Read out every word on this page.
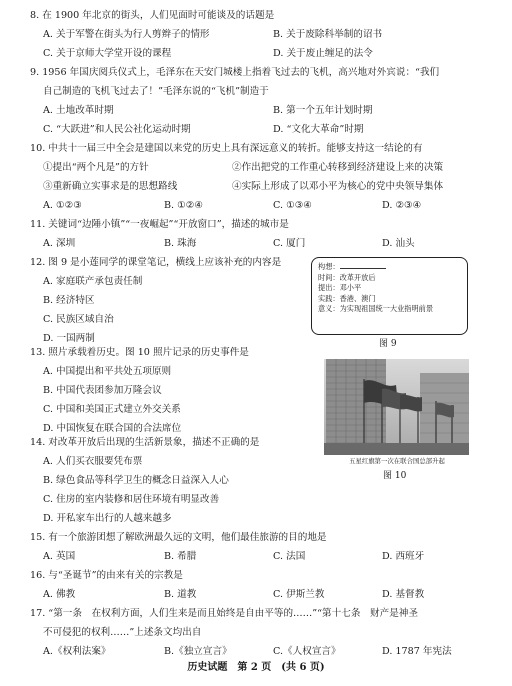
8. 在 1900 年北京的街头，人们见面时可能谈及的话题是
A. 关于军警在街头为行人剪辫子的情形	B. 关于废除科举制的诏书
C. 关于京师大学堂开设的课程	D. 关于废止缠足的法令
9. 1956 年国庆阅兵仪式上，毛泽东在天安门城楼上指着飞过去的飞机，高兴地对外宾说：“我们
自己制造的飞机飞过去了！”毛泽东说的“飞机”制造于
A. 土地改革时期	B. 第一个五年计划时期
C. “大跃进”和人民公社化运动时期	D. “文化大革命”时期
10. 中共十一届三中全会是建国以来党的历史上具有深远意义的转折。能够支持这一结论的有
①提出“两个凡是”的方针	②作出把党的工作重心转移到经济建设上来的决策
③重新确立实事求是的思想路线	④实际上形成了以邓小平为核心的党中央领导集体
A. ①②③	B. ①②④	C. ①③④	D. ②③④
11. 关键词“边陲小镇”“一夜崛起”“开放窗口”，描述的城市是
A. 深圳	B. 珠海	C. 厦门	D. 汕头
12. 图 9 是小莲同学的课堂笔记，横线上应该补充的内容是
A. 家庭联产承包责任制
B. 经济特区
C. 民族区域自治
D. 一国两制
构想：
时间：改革开放后
提出：邓小平
实践：香港、澳门
意义：为实现祖国统一大业指明前景
图 9
13. 照片承载着历史。图 10 照片记录的历史事件是
A. 中国提出和平共处五项原则
B. 中国代表团参加万隆会议
C. 中国和美国正式建立外交关系
D. 中国恢复在联合国的合法席位
五星红旗第一次在联合国总部升起
图 10
14. 对改革开放后出现的生活新景象，描述不正确的是
A. 人们买衣服要凭布票
B. 绿色食品等科学卫生的概念日益深入人心
C. 住房的室内装修和居住环境有明显改善
D. 开私家车出行的人越来越多
15. 有一个旅游团想了解欧洲最久远的文明，他们最佳旅游的目的地是
A. 英国	B. 希腊	C. 法国	D. 西班牙
16. 与“圣诞节”的由来有关的宗教是
A. 佛教	B. 道教	C. 伊斯兰教	D. 基督教
17. “第一条　在权利方面，人们生来是而且始终是自由平等的……”“第十七条　财产是神圣
不可侵犯的权利……”上述条文均出自
A.《权利法案》	B.《独立宣言》	C.《人权宣言》	D. 1787 年宪法
历史试题　第 2 页　(共 6 页)
